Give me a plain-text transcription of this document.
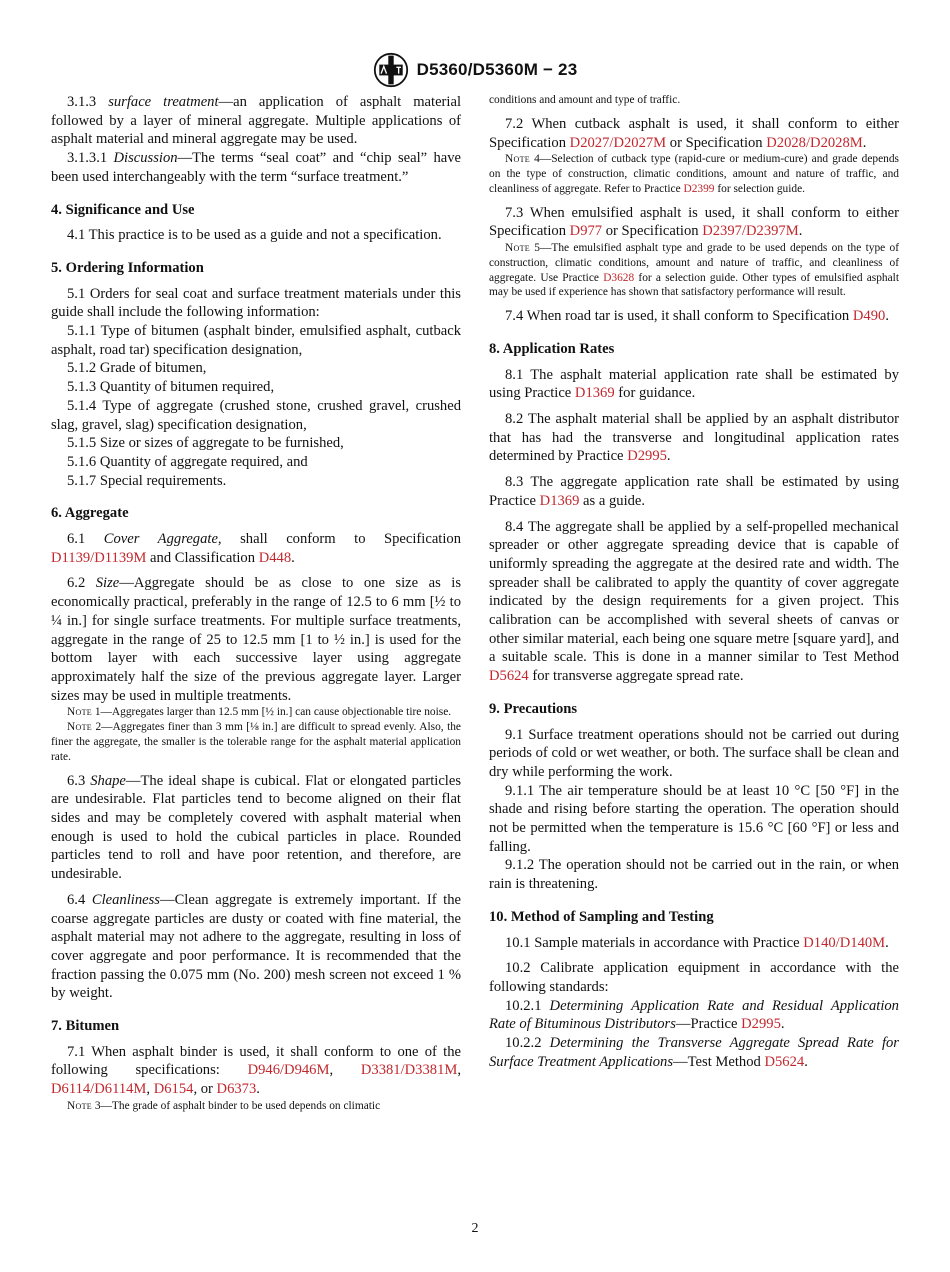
D5360/D5360M − 23

3.1.3 surface treatment—an application of asphalt material followed by a layer of mineral aggregate. Multiple applications of asphalt material and mineral aggregate may be used.

3.1.3.1 Discussion—The terms “seal coat” and “chip seal” have been used interchangeably with the term “surface treatment.”

4. Significance and Use

4.1 This practice is to be used as a guide and not a specification.

5. Ordering Information

5.1 Orders for seal coat and surface treatment materials under this guide shall include the following information:

5.1.1 Type of bitumen (asphalt binder, emulsified asphalt, cutback asphalt, road tar) specification designation,

5.1.2 Grade of bitumen,

5.1.3 Quantity of bitumen required,

5.1.4 Type of aggregate (crushed stone, crushed gravel, crushed slag, gravel, slag) specification designation,

5.1.5 Size or sizes of aggregate to be furnished,

5.1.6 Quantity of aggregate required, and

5.1.7 Special requirements.

6. Aggregate

6.1 Cover Aggregate, shall conform to Specification D1139/D1139M and Classification D448.

6.2 Size—Aggregate should be as close to one size as is economically practical, preferably in the range of 12.5 to 6 mm [½ to ¼ in.] for single surface treatments. For multiple surface treatments, aggregate in the range of 25 to 12.5 mm [1 to ½ in.] is used for the bottom layer with each successive layer using aggregate approximately half the size of the previous aggregate layer. Larger sizes may be used in multiple treatments.

Note 1—Aggregates larger than 12.5 mm [½ in.] can cause objectionable tire noise.

Note 2—Aggregates finer than 3 mm [⅛ in.] are difficult to spread evenly. Also, the finer the aggregate, the smaller is the tolerable range for the asphalt material application rate.

6.3 Shape—The ideal shape is cubical. Flat or elongated particles are undesirable. Flat particles tend to become aligned on their flat sides and may be completely covered with asphalt material when enough is used to hold the cubical particles in place. Rounded particles tend to roll and have poor retention, and therefore, are undesirable.

6.4 Cleanliness—Clean aggregate is extremely important. If the coarse aggregate particles are dusty or coated with fine material, the asphalt material may not adhere to the aggregate, resulting in loss of cover aggregate and poor performance. It is recommended that the fraction passing the 0.075 mm (No. 200) mesh screen not exceed 1 % by weight.

7. Bitumen

7.1 When asphalt binder is used, it shall conform to one of the following specifications: D946/D946M, D3381/D3381M, D6114/D6114M, D6154, or D6373.

Note 3—The grade of asphalt binder to be used depends on climatic

conditions and amount and type of traffic.

7.2 When cutback asphalt is used, it shall conform to either Specification D2027/D2027M or Specification D2028/D2028M.

Note 4—Selection of cutback type (rapid-cure or medium-cure) and grade depends on the type of construction, climatic conditions, amount and nature of traffic, and cleanliness of aggregate. Refer to Practice D2399 for selection guide.

7.3 When emulsified asphalt is used, it shall conform to either Specification D977 or Specification D2397/D2397M.

Note 5—The emulsified asphalt type and grade to be used depends on the type of construction, climatic conditions, amount and nature of traffic, and cleanliness of aggregate. Use Practice D3628 for a selection guide. Other types of emulsified asphalt may be used if experience has shown that satisfactory performance will result.

7.4 When road tar is used, it shall conform to Specification D490.

8. Application Rates

8.1 The asphalt material application rate shall be estimated by using Practice D1369 for guidance.

8.2 The asphalt material shall be applied by an asphalt distributor that has had the transverse and longitudinal application rates determined by Practice D2995.

8.3 The aggregate application rate shall be estimated by using Practice D1369 as a guide.

8.4 The aggregate shall be applied by a self-propelled mechanical spreader or other aggregate spreading device that is capable of uniformly spreading the aggregate at the desired rate and width. The spreader shall be calibrated to apply the quantity of cover aggregate indicated by the design requirements for a given project. This calibration can be accomplished with several sheets of canvas or other similar material, each being one square metre [square yard], and a suitable scale. This is done in a manner similar to Test Method D5624 for transverse aggregate spread rate.

9. Precautions

9.1 Surface treatment operations should not be carried out during periods of cold or wet weather, or both. The surface shall be clean and dry while performing the work.

9.1.1 The air temperature should be at least 10 °C [50 °F] in the shade and rising before starting the operation. The operation should not be permitted when the temperature is 15.6 °C [60 °F] or less and falling.

9.1.2 The operation should not be carried out in the rain, or when rain is threatening.

10. Method of Sampling and Testing

10.1 Sample materials in accordance with Practice D140/D140M.

10.2 Calibrate application equipment in accordance with the following standards:

10.2.1 Determining Application Rate and Residual Application Rate of Bituminous Distributors—Practice D2995.

10.2.2 Determining the Transverse Aggregate Spread Rate for Surface Treatment Applications—Test Method D5624.

2
